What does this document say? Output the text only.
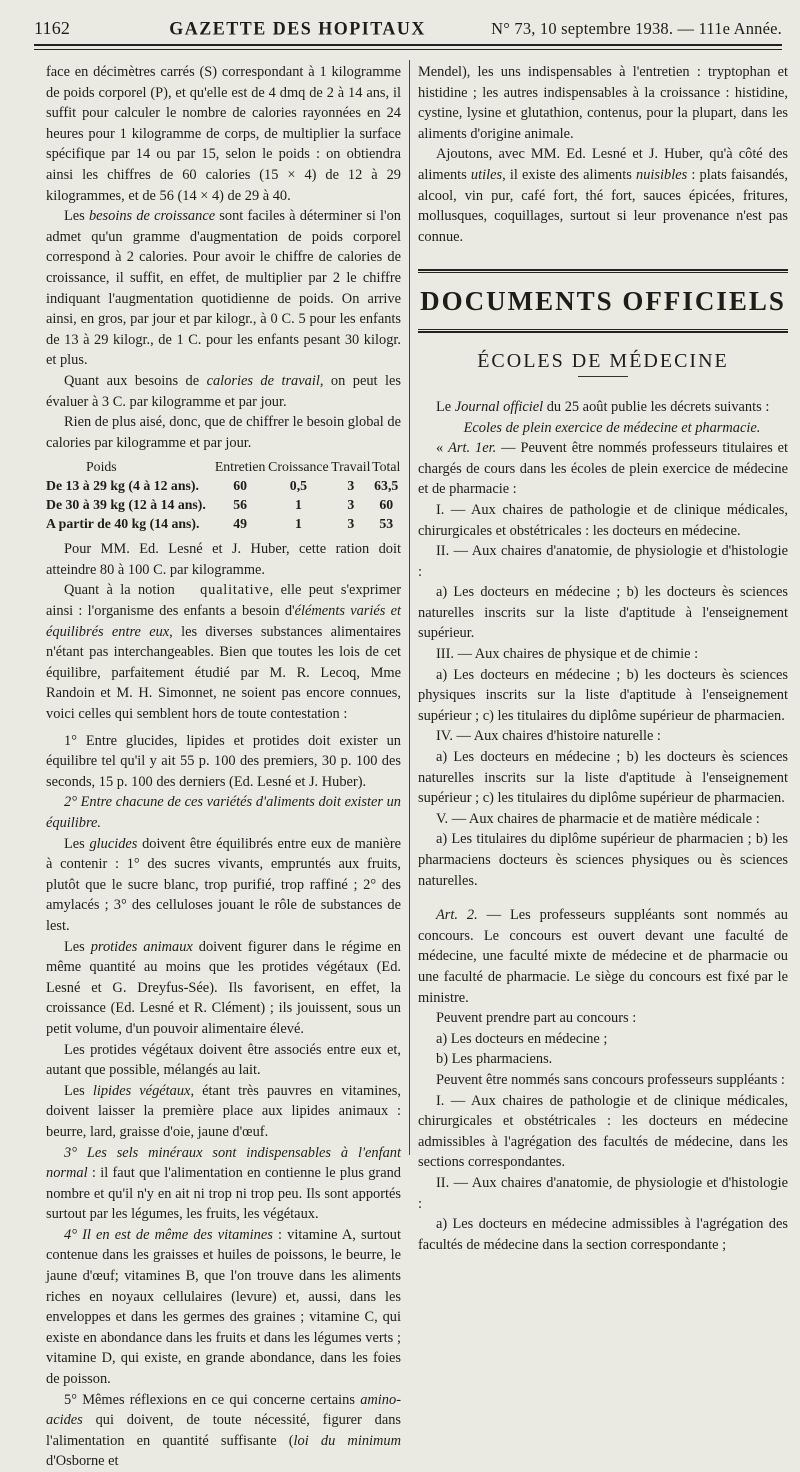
1162	GAZETTE DES HOPITAUX	N° 73, 10 septembre 1938. — 111e Année.

face en décimètres carrés (S) correspondant à 1 kilogramme de poids corporel (P), et qu'elle est de 4 dmq de 2 à 14 ans, il suffit pour calculer le nombre de calories rayonnées en 24 heures pour 1 kilogramme de corps, de multiplier la surface spécifique par 14 ou par 15, selon le poids : on obtiendra ainsi les chiffres de 60 calories (15 × 4) de 12 à 29 kilogrammes, et de 56 (14 × 4) de 29 à 40.

Les besoins de croissance sont faciles à déterminer si l'on admet qu'un gramme d'augmentation de poids corporel correspond à 2 calories. Pour avoir le chiffre de calories de croissance, il suffit, en effet, de multiplier par 2 le chiffre indiquant l'augmentation quotidienne de poids. On arrive ainsi, en gros, par jour et par kilogr., à 0 C. 5 pour les enfants de 13 à 29 kilogr., de 1 C. pour les enfants pesant 30 kilogr. et plus.

Quant aux besoins de calories de travail, on peut les évaluer à 3 C. par kilogramme et par jour.

Rien de plus aisé, donc, que de chiffrer le besoin global de calories par kilogramme et par jour.

Poids	Entretien	Croissance	Travail	Total
De 13 à 29 kg (4 à 12 ans).	60	0,5	3	63,5
De 30 à 39 kg (12 à 14 ans).	56	1	3	60
A partir de 40 kg (14 ans).	49	1	3	53

Pour MM. Ed. Lesné et J. Huber, cette ration doit atteindre 80 à 100 C. par kilogramme.

Quant à la notion qualitative, elle peut s'exprimer ainsi : l'organisme des enfants a besoin d'éléments variés et équilibrés entre eux, les diverses substances alimentaires n'étant pas interchangeables. Bien que toutes les lois de cet équilibre, parfaitement étudié par M. R. Lecoq, Mme Randoin et M. H. Simonnet, ne soient pas encore connues, voici celles qui semblent hors de toute contestation :

1° Entre glucides, lipides et protides doit exister un équilibre tel qu'il y ait 55 p. 100 des premiers, 30 p. 100 des seconds, 15 p. 100 des derniers (Ed. Lesné et J. Huber).

2° Entre chacune de ces variétés d'aliments doit exister un équilibre.

Les glucides doivent être équilibrés entre eux de manière à contenir : 1° des sucres vivants, empruntés aux fruits, plutôt que le sucre blanc, trop purifié, trop raffiné ; 2° des amylacés ; 3° des celluloses jouant le rôle de substances de lest.

Les protides animaux doivent figurer dans le régime en même quantité au moins que les protides végétaux (Ed. Lesné et G. Dreyfus-Sée). Ils favorisent, en effet, la croissance (Ed. Lesné et R. Clément) ; ils jouissent, sous un petit volume, d'un pouvoir alimentaire élevé.

Les protides végétaux doivent être associés entre eux et, autant que possible, mélangés au lait.

Les lipides végétaux, étant très pauvres en vitamines, doivent laisser la première place aux lipides animaux : beurre, lard, graisse d'oie, jaune d'œuf.

3° Les sels minéraux sont indispensables à l'enfant normal : il faut que l'alimentation en contienne le plus grand nombre et qu'il n'y en ait ni trop ni trop peu. Ils sont apportés surtout par les légumes, les fruits, les végétaux.

4° Il en est de même des vitamines : vitamine A, surtout contenue dans les graisses et huiles de poissons, le beurre, le jaune d'œuf; vitamines B, que l'on trouve dans les aliments riches en noyaux cellulaires (levure) et, aussi, dans les enveloppes et dans les germes des graines ; vitamine C, qui existe en abondance dans les fruits et dans les légumes verts ; vitamine D, qui existe, en grande abondance, dans les foies de poisson.

5° Mêmes réflexions en ce qui concerne certains amino-acides qui doivent, de toute nécessité, figurer dans l'alimentation en quantité suffisante (loi du minimum d'Osborne et

Mendel), les uns indispensables à l'entretien : tryptophan et histidine ; les autres indispensables à la croissance : histidine, cystine, lysine et glutathion, contenus, pour la plupart, dans les aliments d'origine animale.

Ajoutons, avec MM. Ed. Lesné et J. Huber, qu'à côté des aliments utiles, il existe des aliments nuisibles : plats faisandés, alcool, vin pur, café fort, thé fort, sauces épicées, fritures, mollusques, coquillages, surtout si leur provenance n'est pas connue.

DOCUMENTS OFFICIELS
ÉCOLES DE MÉDECINE

Le Journal officiel du 25 août publie les décrets suivants :

Ecoles de plein exercice de médecine et pharmacie.

« Art. 1er. — Peuvent être nommés professeurs titulaires et chargés de cours dans les écoles de plein exercice de médecine et de pharmacie :

I. — Aux chaires de pathologie et de clinique médicales, chirurgicales et obstétricales : les docteurs en médecine.

II. — Aux chaires d'anatomie, de physiologie et d'histologie :

a) Les docteurs en médecine ; b) les docteurs ès sciences naturelles inscrits sur la liste d'aptitude à l'enseignement supérieur.

III. — Aux chaires de physique et de chimie :

a) Les docteurs en médecine ; b) les docteurs ès sciences physiques inscrits sur la liste d'aptitude à l'enseignement supérieur ; c) les titulaires du diplôme supérieur de pharmacien.

IV. — Aux chaires d'histoire naturelle :

a) Les docteurs en médecine ; b) les docteurs ès sciences naturelles inscrits sur la liste d'aptitude à l'enseignement supérieur ; c) les titulaires du diplôme supérieur de pharmacien.

V. — Aux chaires de pharmacie et de matière médicale :

a) Les titulaires du diplôme supérieur de pharmacien ; b) les pharmaciens docteurs ès sciences physiques ou ès sciences naturelles.

Art. 2. — Les professeurs suppléants sont nommés au concours. Le concours est ouvert devant une faculté de médecine, une faculté mixte de médecine et de pharmacie ou une faculté de pharmacie. Le siège du concours est fixé par le ministre.

Peuvent prendre part au concours :

a) Les docteurs en médecine ;

b) Les pharmaciens.

Peuvent être nommés sans concours professeurs suppléants :

I. — Aux chaires de pathologie et de clinique médicales, chirurgicales et obstétricales : les docteurs en médecine admissibles à l'agrégation des facultés de médecine, dans les sections correspondantes.

II. — Aux chaires d'anatomie, de physiologie et d'histologie :

a) Les docteurs en médecine admissibles à l'agrégation des facultés de médecine dans la section correspondante ;
